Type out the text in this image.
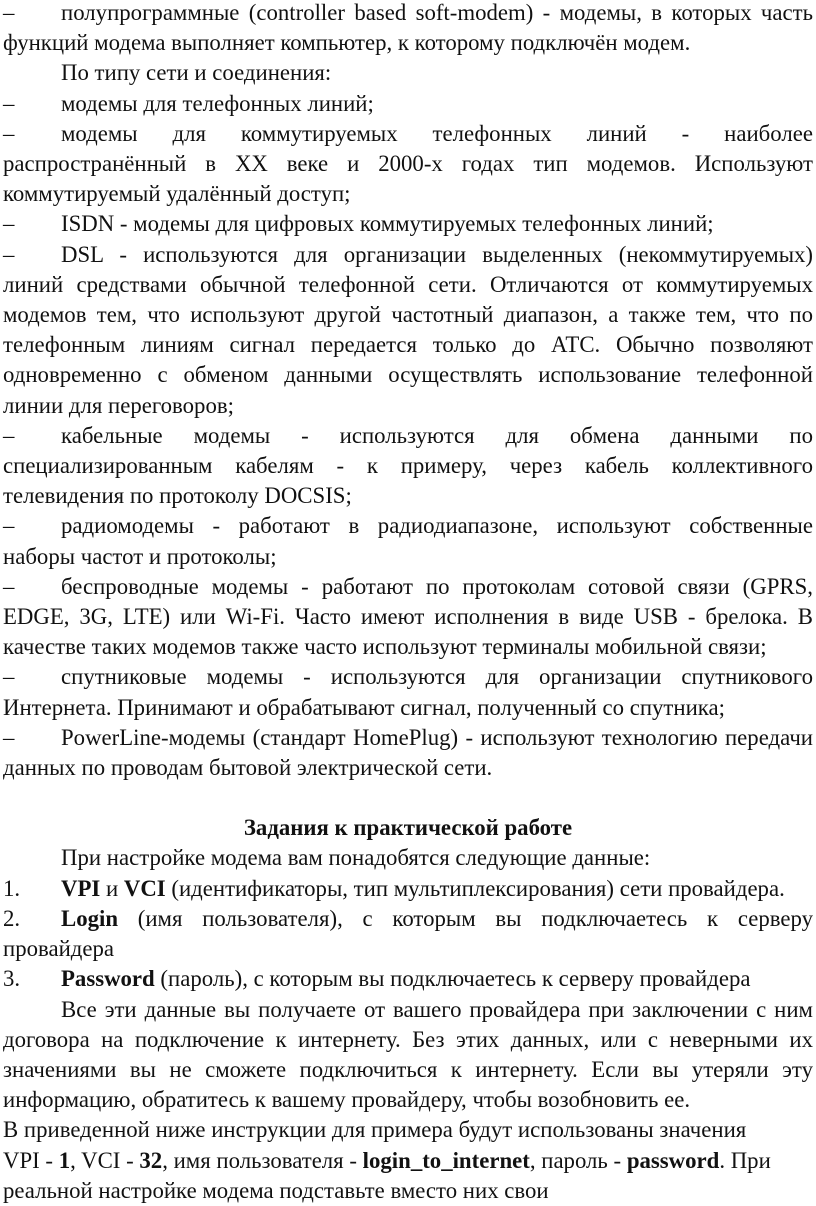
– полупрограммные (controller based soft-modem) - модемы, в которых часть функций модема выполняет компьютер, к которому подключён модем.

По типу сети и соединения:

– модемы для телефонных линий;

– модемы для коммутируемых телефонных линий - наиболее распространённый в XX веке и 2000-х годах тип модемов. Используют коммутируемый удалённый доступ;

– ISDN - модемы для цифровых коммутируемых телефонных линий;

– DSL - используются для организации выделенных (некоммутируемых) линий средствами обычной телефонной сети. Отличаются от коммутируемых модемов тем, что используют другой частотный диапазон, а также тем, что по телефонным линиям сигнал передается только до АТС. Обычно позволяют одновременно с обменом данными осуществлять использование телефонной линии для переговоров;

– кабельные модемы - используются для обмена данными по специализированным кабелям - к примеру, через кабель коллективного телевидения по протоколу DOCSIS;

– радиомодемы - работают в радиодиапазоне, используют собственные наборы частот и протоколы;

– беспроводные модемы - работают по протоколам сотовой связи (GPRS, EDGE, 3G, LTE) или Wi-Fi. Часто имеют исполнения в виде USB - брелока. В качестве таких модемов также часто используют терминалы мобильной связи;

– спутниковые модемы - используются для организации спутникового Интернета. Принимают и обрабатывают сигнал, полученный со спутника;

– PowerLine-модемы (стандарт HomePlug) - используют технологию передачи данных по проводам бытовой электрической сети.

Задания к практической работе

При настройке модема вам понадобятся следующие данные:

1. VPI и VCI (идентификаторы, тип мультиплексирования) сети провайдера.

2. Login (имя пользователя), с которым вы подключаетесь к серверу провайдера

3. Password (пароль), с которым вы подключаетесь к серверу провайдера

Все эти данные вы получаете от вашего провайдера при заключении с ним договора на подключение к интернету. Без этих данных, или с неверными их значениями вы не сможете подключиться к интернету. Если вы утеряли эту информацию, обратитесь к вашему провайдеру, чтобы возобновить ее.

В приведенной ниже инструкции для примера будут использованы значения

VPI - 1, VCI - 32, имя пользователя - login_to_internet, пароль - password. При реальной настройке модема подставьте вместо них свои
